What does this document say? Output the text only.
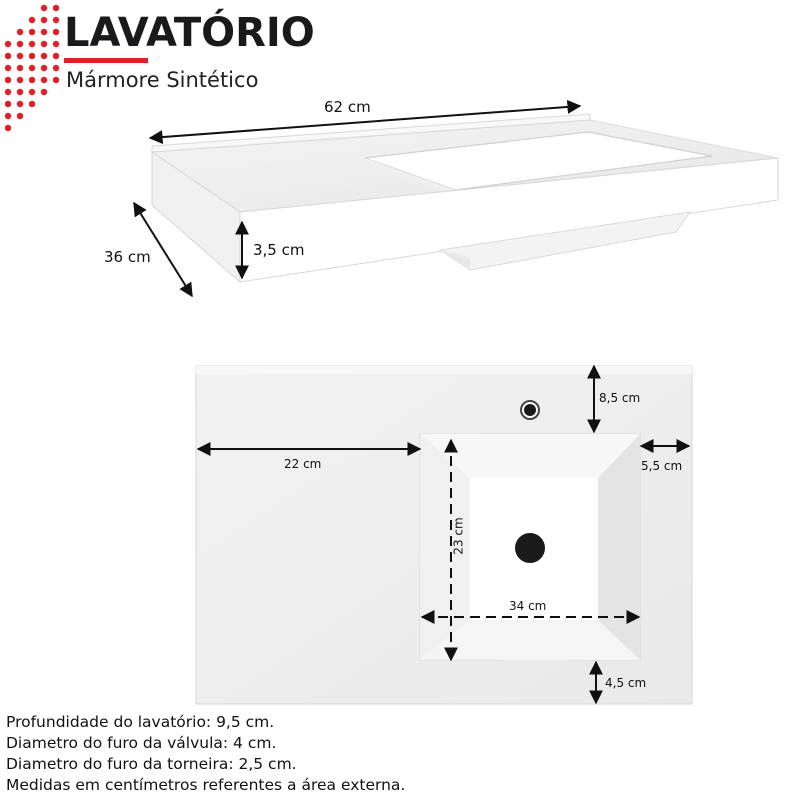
LAVATÓRIO
Mármore Sintético
62 cm
36 cm	3,5 cm
22 cm
8,5 cm
5,5 cm
23 cm
34 cm
4,5 cm
Profundidade do lavatório: 9,5 cm.
Diametro do furo da válvula: 4 cm.
Diametro do furo da torneira: 2,5 cm.
Medidas em centímetros referentes a área externa.
